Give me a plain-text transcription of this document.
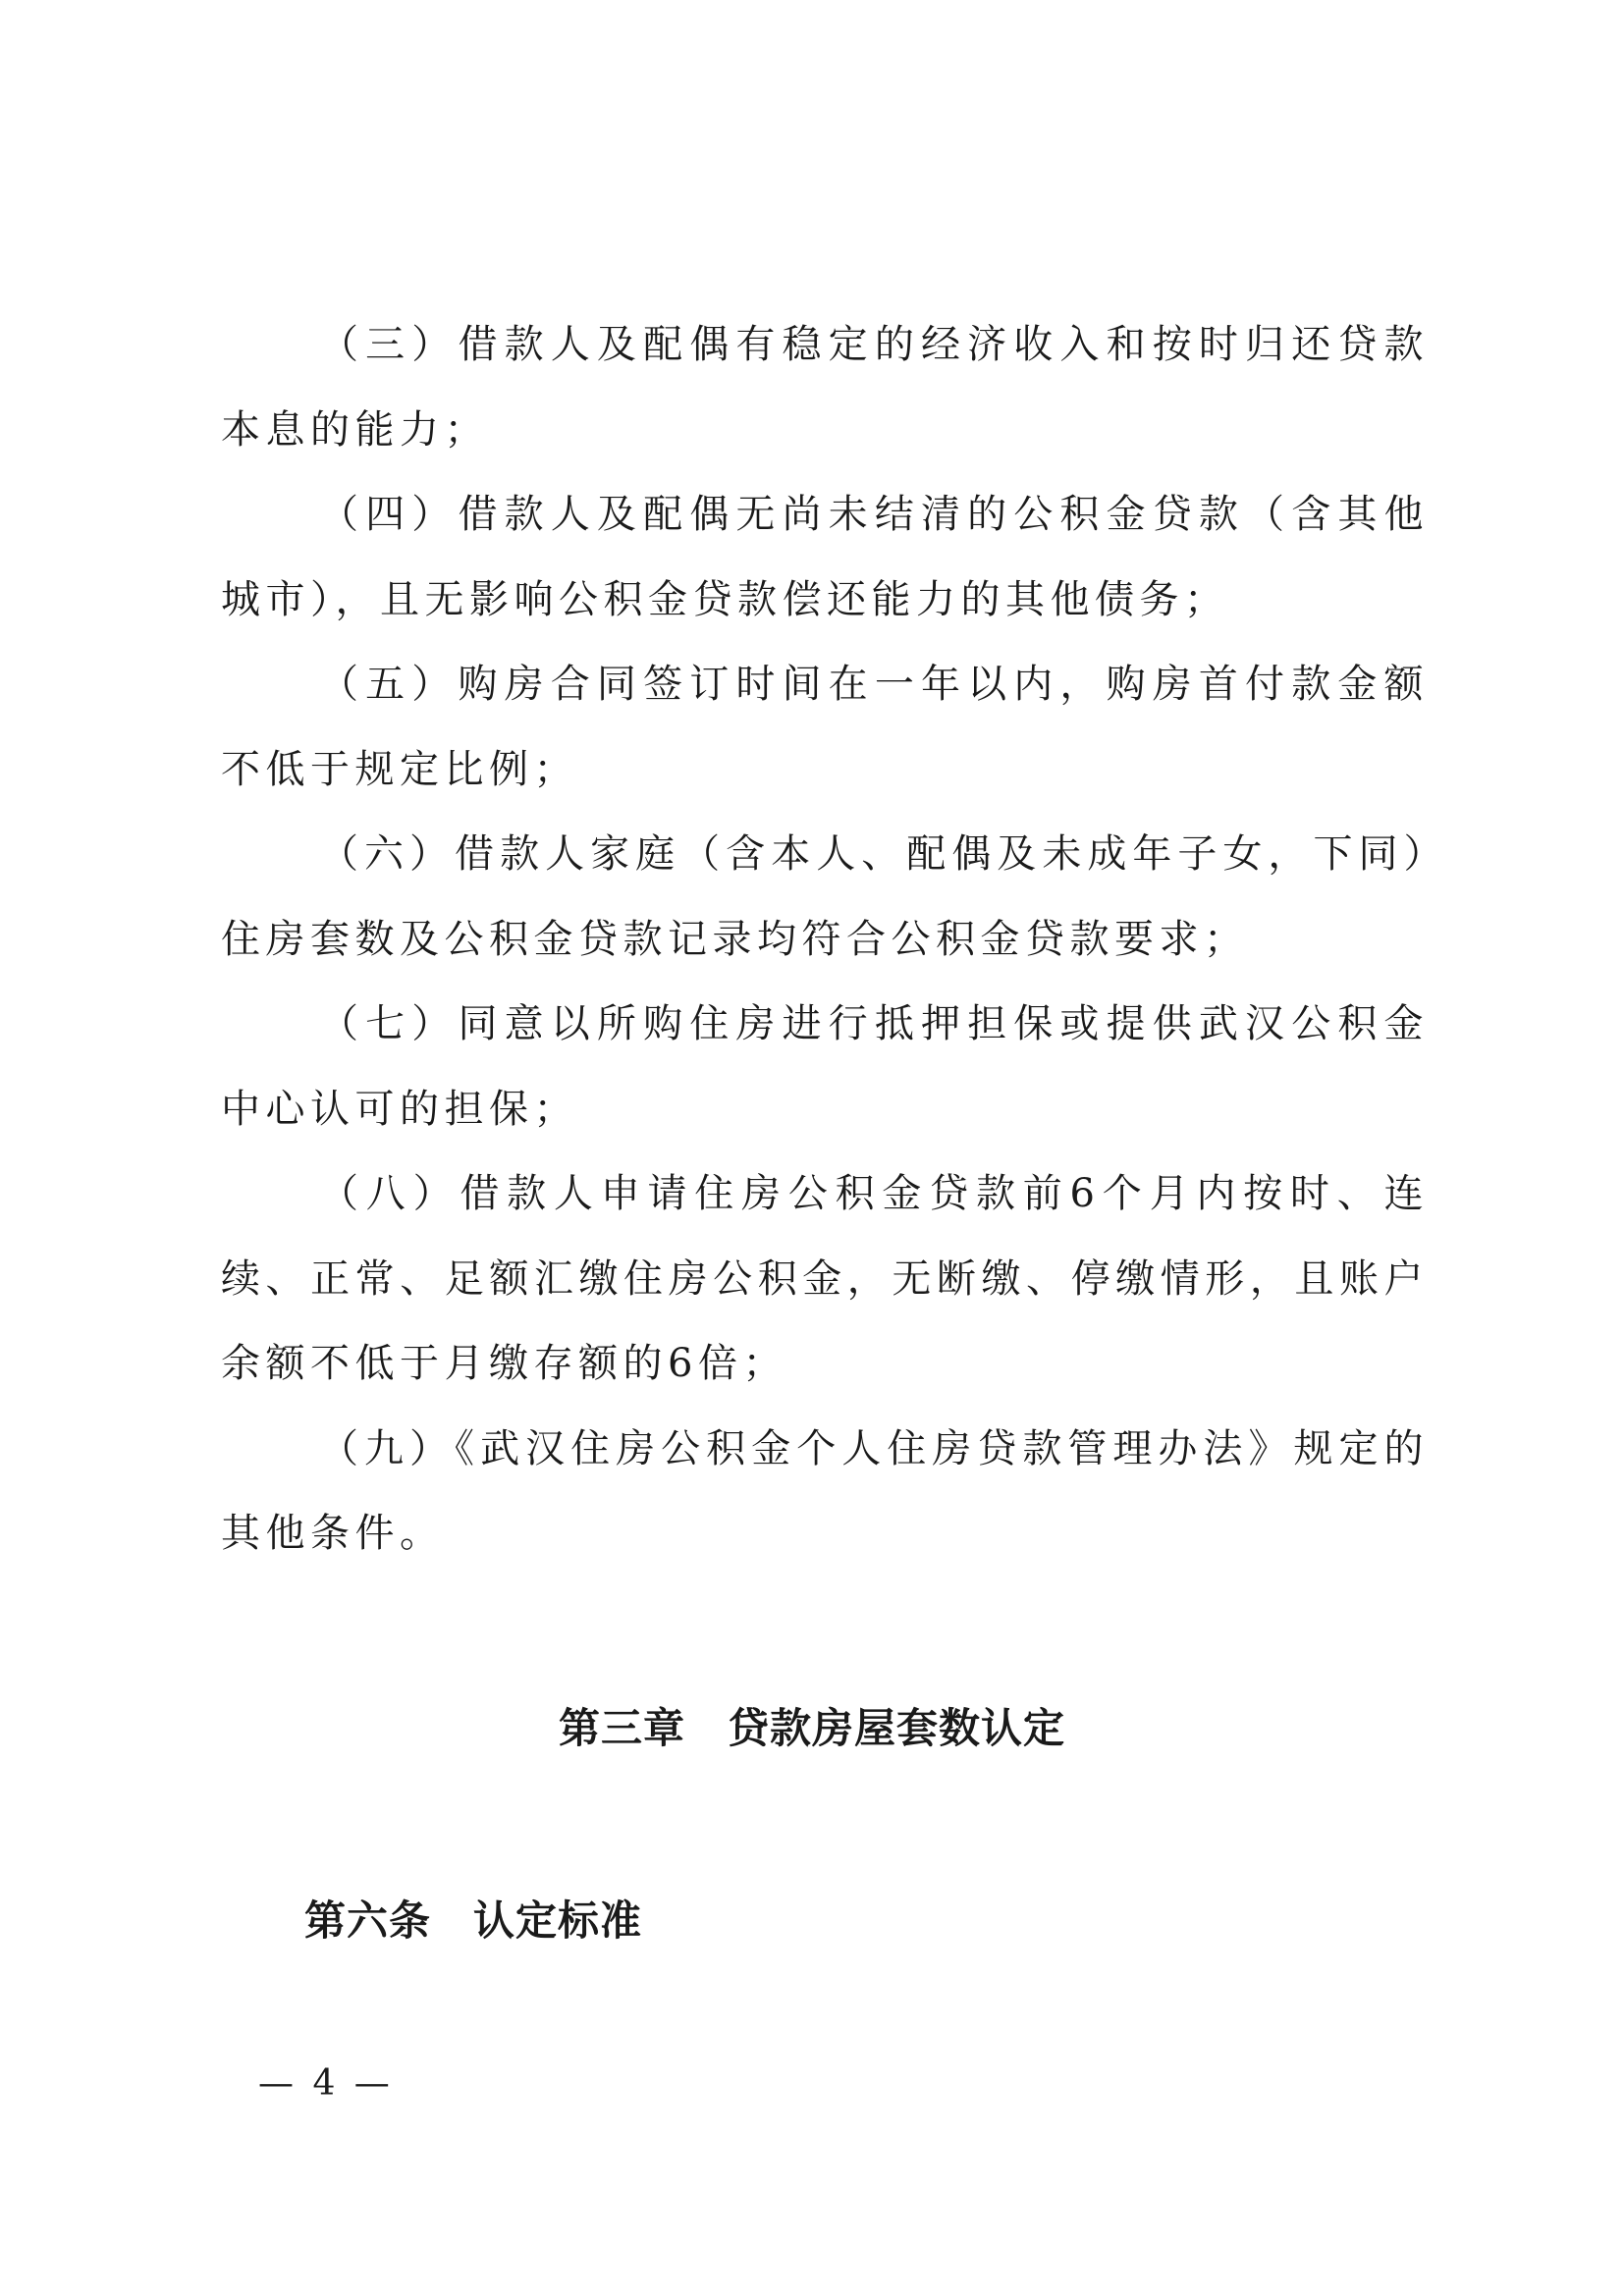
（三）借款人及配偶有稳定的经济收入和按时归还贷款本息的能力；

（四）借款人及配偶无尚未结清的公积金贷款（含其他城市），且无影响公积金贷款偿还能力的其他债务；

（五）购房合同签订时间在一年以内，购房首付款金额不低于规定比例；

（六）借款人家庭（含本人、配偶及未成年子女，下同）住房套数及公积金贷款记录均符合公积金贷款要求；

（七）同意以所购住房进行抵押担保或提供武汉公积金中心认可的担保；

（八）借款人申请住房公积金贷款前6个月内按时、连续、正常、足额汇缴住房公积金，无断缴、停缴情形，且账户余额不低于月缴存额的6倍；

（九）《武汉住房公积金个人住房贷款管理办法》规定的其他条件。

第三章　贷款房屋套数认定
第六条　认定标准
— 4 —
